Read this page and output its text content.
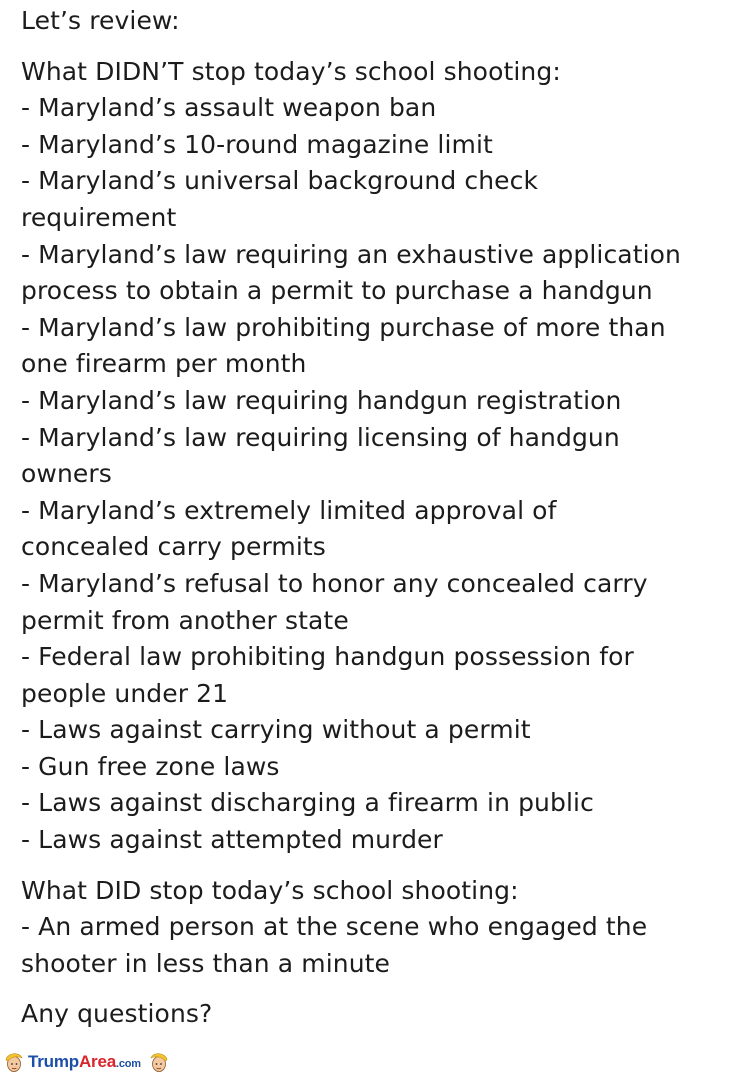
Let’s review:

What DIDN’T stop today’s school shooting:
- Maryland’s assault weapon ban
- Maryland’s 10-round magazine limit
- Maryland’s universal background check
requirement
- Maryland’s law requiring an exhaustive application
process to obtain a permit to purchase a handgun
- Maryland’s law prohibiting purchase of more than
one firearm per month
- Maryland’s law requiring handgun registration
- Maryland’s law requiring licensing of handgun
owners
- Maryland’s extremely limited approval of
concealed carry permits
- Maryland’s refusal to honor any concealed carry
permit from another state
- Federal law prohibiting handgun possession for
people under 21
- Laws against carrying without a permit
- Gun free zone laws
- Laws against discharging a firearm in public
- Laws against attempted murder
What DID stop today’s school shooting:
- An armed person at the scene who engaged the
shooter in less than a minute

Any questions?

TrumpArea.com
